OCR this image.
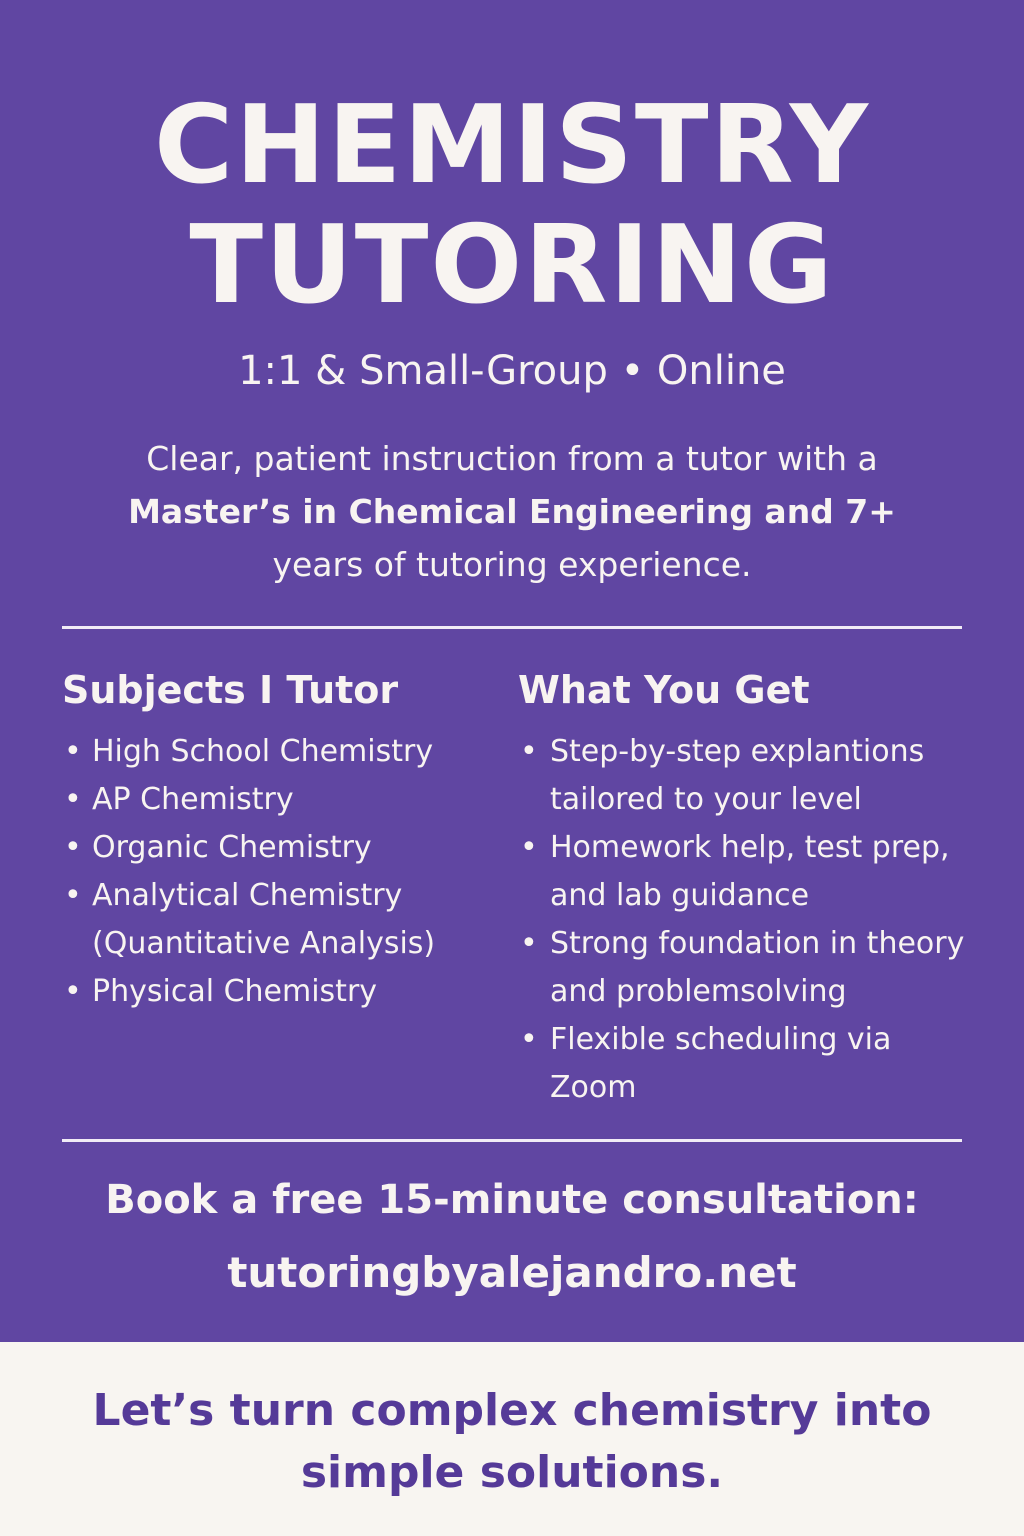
CHEMISTRY
TUTORING
1:1 & Small-Group • Online

Clear, patient instruction from a tutor with a Master’s in Chemical Engineering and 7+ years of tutoring experience.

Subjects I Tutor
• High School Chemistry
• AP Chemistry
• Organic Chemistry
• Analytical Chemistry (Quantitative Analysis)
• Physical Chemistry
What You Get
• Step-by-step explantions tailored to your level
• Homework help, test prep, and lab guidance
• Strong foundation in theory and problemsolving
• Flexible scheduling via Zoom
Book a free 15-minute consultation:
tutoringbyalejandro.net

Let’s turn complex chemistry into simple solutions.
